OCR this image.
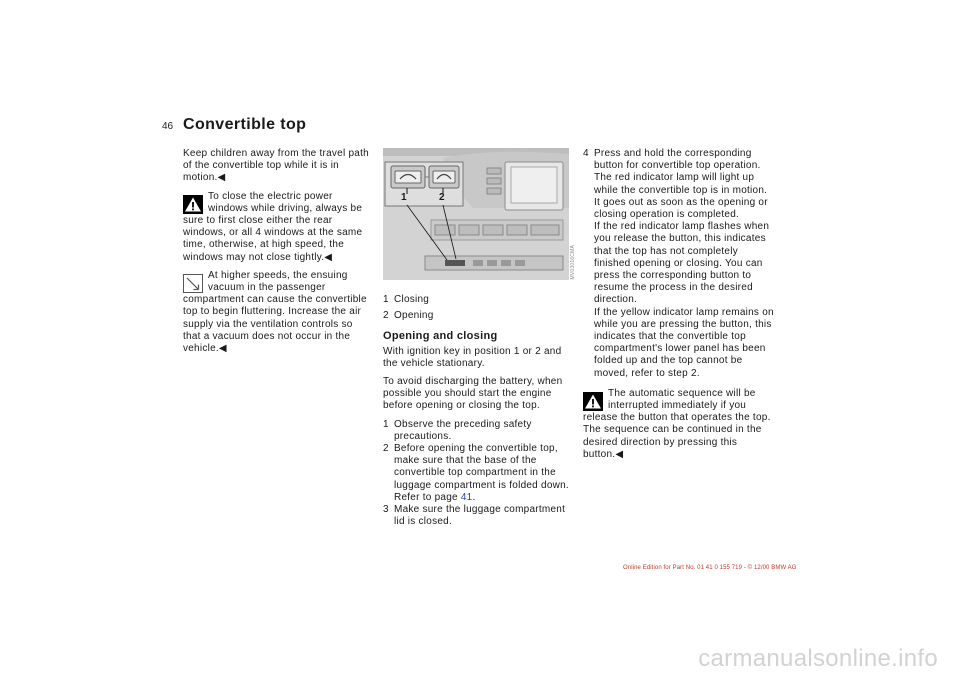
46 Convertible top

Keep children away from the travel path of the convertible top while it is in motion.◀

To close the electric power
windows while driving, always be
sure to first close either the rear windows, or all 4 windows at the same time, otherwise, at high speed, the windows may not close tightly.◀
At higher speeds, the ensuing
vacuum in the passenger
compartment can cause the convertible top to begin fluttering. Increase the air supply via the ventilation controls so that a vacuum does not occur in the vehicle.◀
1	2
MV03016CMA
1 Closing
2 Opening
Opening and closing

With ignition key in position 1 or 2 and the vehicle stationary.

To avoid discharging the battery, when possible you should start the engine before opening or closing the top.

1 Observe the preceding safety precautions.
2 Before opening the convertible top, make sure that the base of the convertible top compartment in the luggage compartment is folded down. Refer to page 41.
3 Make sure the luggage compartment lid is closed.
4 Press and hold the corresponding button for convertible top operation. The red indicator lamp will light up while the convertible top is in motion. It goes out as soon as the opening or closing operation is completed.
If the red indicator lamp flashes when you release the button, this indicates that the top has not completely finished opening or closing. You can press the corresponding button to resume the process in the desired direction.
If the yellow indicator lamp remains on while you are pressing the button, this indicates that the convertible top compartment's lower panel has been folded up and the top cannot be moved, refer to step 2.
The automatic sequence will be
interrupted immediately if you
release the button that operates the top. The sequence can be continued in the desired direction by pressing this button.◀
Online Edition for Part No. 01 41 0 155 719 - © 12/00 BMW AG
carmanualsonline.info
